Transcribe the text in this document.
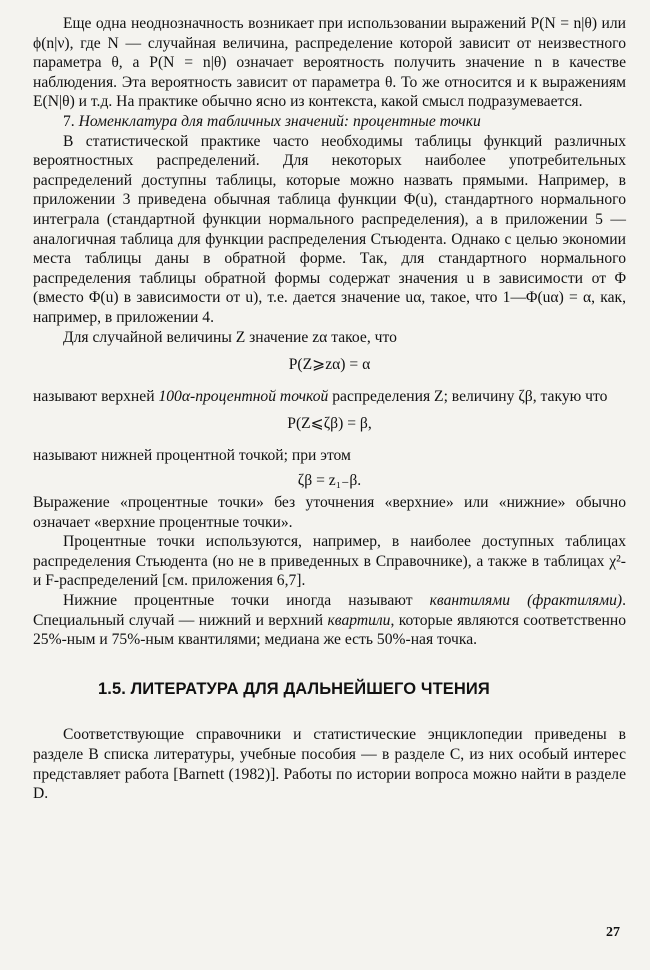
Еще одна неоднозначность возникает при использовании выражений P(N = n|θ) или ϕ(n|ν), где N — случайная величина, распределение которой зависит от неизвестного параметра θ, а P(N = n|θ) означает вероятность получить значение n в качестве наблюдения. Эта вероятность зависит от параметра θ. То же относится и к выражениям E(N|θ) и т.д. На практике обычно ясно из контекста, какой смысл подразумевается.

7. Номенклатура для табличных значений: процентные точки

В статистической практике часто необходимы таблицы функций различных вероятностных распределений. Для некоторых наиболее употребительных распределений доступны таблицы, которые можно назвать прямыми. Например, в приложении 3 приведена обычная таблица функции Φ(u), стандартного нормального интеграла (стандартной функции нормального распределения), а в приложении 5 — аналогичная таблица для функции распределения Стьюдента. Однако с целью экономии места таблицы даны в обратной форме. Так, для стандартного нормального распределения таблицы обратной формы содержат значения u в зависимости от Φ (вместо Φ(u) в зависимости от u), т.е. дается значение uα, такое, что 1—Φ(uα) = α, как, например, в приложении 4.

Для случайной величины Z значение zα такое, что

P(Z⩾zα) = α

называют верхней 100α-процентной точкой распределения Z; величину ζβ, такую что

P(Z⩽ζβ) = β,

называют нижней процентной точкой; при этом

ζβ = z₁₋β.

Выражение «процентные точки» без уточнения «верхние» или «нижние» обычно означает «верхние процентные точки».

Процентные точки используются, например, в наиболее доступных таблицах распределения Стьюдента (но не в приведенных в Справочнике), а также в таблицах χ²- и F-распределений [см. приложения 6,7].

Нижние процентные точки иногда называют квантилями (фрактилями). Специальный случай — нижний и верхний квартили, которые являются соответственно 25%-ным и 75%-ным квантилями; медиана же есть 50%-ная точка.

1.5. ЛИТЕРАТУРА ДЛЯ ДАЛЬНЕЙШЕГО ЧТЕНИЯ

Соответствующие справочники и статистические энциклопедии приведены в разделе B списка литературы, учебные пособия — в разделе C, из них особый интерес представляет работа [Barnett (1982)]. Работы по истории вопроса можно найти в разделе D.

27
